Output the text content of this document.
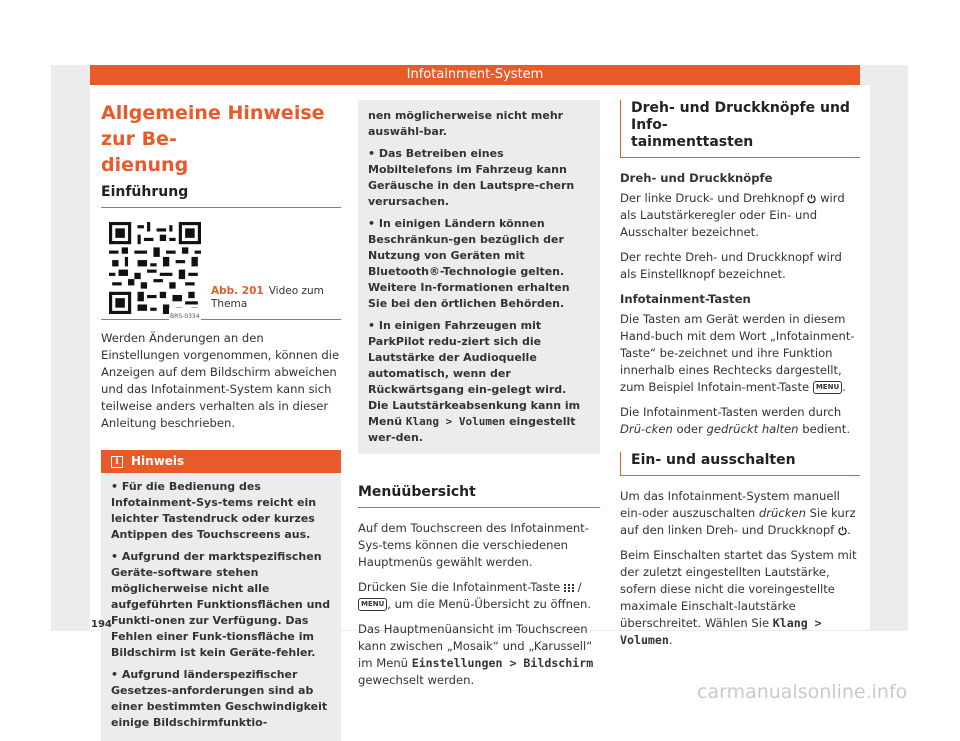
Infotainment-System
Allgemeine Hinweise zur Be-
dienung
Einführung
BRS-0334
Abb. 201 Video zum Thema

Werden Änderungen an den Einstellungen vorgenommen, können die Anzeigen auf dem Bildschirm abweichen und das Infotainment-System kann sich teilweise anders verhalten als in dieser Anleitung beschrieben.

i	Hinweis

• Für die Bedienung des Infotainment-Sys-tems reicht ein leichter Tastendruck oder kurzes Antippen des Touchscreens aus.

• Aufgrund der marktspezifischen Geräte-software stehen möglicherweise nicht alle aufgeführten Funktionsflächen und Funkti-onen zur Verfügung. Das Fehlen einer Funk-tionsfläche im Bildschirm ist kein Geräte-fehler.

• Aufgrund länderspezifischer Gesetzes-anforderungen sind ab einer bestimmten Geschwindigkeit einige Bildschirmfunktio-

nen möglicherweise nicht mehr auswähl-bar.

• Das Betreiben eines Mobiltelefons im Fahrzeug kann Geräusche in den Lautspre-chern verursachen.

• In einigen Ländern können Beschränkun-gen bezüglich der Nutzung von Geräten mit Bluetooth®-Technologie gelten. Weitere In-formationen erhalten Sie bei den örtlichen Behörden.

• In einigen Fahrzeugen mit ParkPilot redu-ziert sich die Lautstärke der Audioquelle automatisch, wenn der Rückwärtsgang ein-gelegt wird. Die Lautstärkeabsenkung kann im Menü Klang > Volumen eingestellt wer-den.

Menüübersicht

Auf dem Touchscreen des Infotainment-Sys-tems können die verschiedenen Hauptmenüs gewählt werden.

Drücken Sie die Infotainment-Taste / MENU , um die Menü-Übersicht zu öffnen.

Das Hauptmenüansicht im Touchscreen kann zwischen „Mosaik“ und „Karussell“ im Menü Einstellungen > Bildschirm gewechselt werden.

Dreh- und Druckknöpfe und Info-
tainmenttasten
Dreh- und Druckknöpfe

Der linke Druck- und Drehknopf wird als Lautstärkeregler oder Ein- und Ausschalter bezeichnet.

Der rechte Dreh- und Druckknopf wird als Einstellknopf bezeichnet.

Infotainment-Tasten

Die Tasten am Gerät werden in diesem Hand-buch mit dem Wort „Infotainment-Taste“ be-zeichnet und ihre Funktion innerhalb eines Rechtecks dargestellt, zum Beispiel Infotain-ment-Taste MENU .

Die Infotainment-Tasten werden durch Drü-cken oder gedrückt halten bedient.

Ein- und ausschalten

Um das Infotainment-System manuell ein-oder auszuschalten drücken Sie kurz auf den linken Dreh- und Druckknopf .

Beim Einschalten startet das System mit der zuletzt eingestellten Lautstärke, sofern diese nicht die voreingestellte maximale Einschalt-lautstärke überschreitet. Wählen Sie Klang > Volumen.

194
carmanualsonline.info
